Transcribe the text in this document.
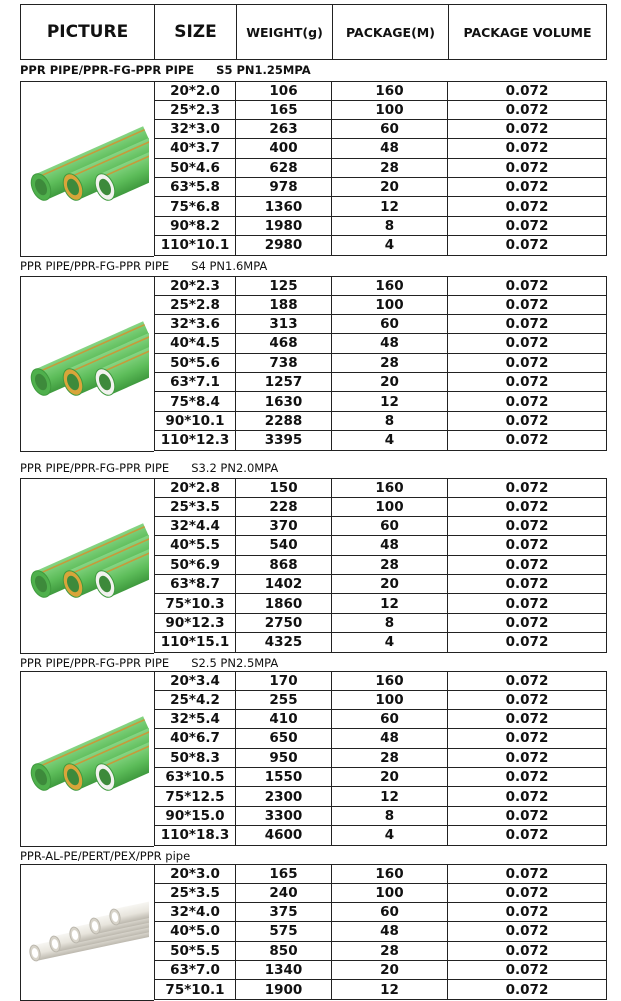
PICTURE	SIZE	WEIGHT(g)	PACKAGE(M)	PACKAGE VOLUME
PPR PIPE/PPR-FG-PPR PIPE S5 PN1.25MPA
20*2.0	106	160	0.072
25*2.3	165	100	0.072
32*3.0	263	60	0.072
40*3.7	400	48	0.072
50*4.6	628	28	0.072
63*5.8	978	20	0.072
75*6.8	1360	12	0.072
90*8.2	1980	8	0.072
110*10.1	2980	4	0.072
PPR PIPE/PPR-FG-PPR PIPE S4 PN1.6MPA
20*2.3	125	160	0.072
25*2.8	188	100	0.072
32*3.6	313	60	0.072
40*4.5	468	48	0.072
50*5.6	738	28	0.072
63*7.1	1257	20	0.072
75*8.4	1630	12	0.072
90*10.1	2288	8	0.072
110*12.3	3395	4	0.072
PPR PIPE/PPR-FG-PPR PIPE S3.2 PN2.0MPA
20*2.8	150	160	0.072
25*3.5	228	100	0.072
32*4.4	370	60	0.072
40*5.5	540	48	0.072
50*6.9	868	28	0.072
63*8.7	1402	20	0.072
75*10.3	1860	12	0.072
90*12.3	2750	8	0.072
110*15.1	4325	4	0.072
PPR PIPE/PPR-FG-PPR PIPE S2.5 PN2.5MPA
20*3.4	170	160	0.072
25*4.2	255	100	0.072
32*5.4	410	60	0.072
40*6.7	650	48	0.072
50*8.3	950	28	0.072
63*10.5	1550	20	0.072
75*12.5	2300	12	0.072
90*15.0	3300	8	0.072
110*18.3	4600	4	0.072
PPR-AL-PE/PERT/PEX/PPR pipe
20*3.0	165	160	0.072
25*3.5	240	100	0.072
32*4.0	375	60	0.072
40*5.0	575	48	0.072
50*5.5	850	28	0.072
63*7.0	1340	20	0.072
75*10.1	1900	12	0.072
